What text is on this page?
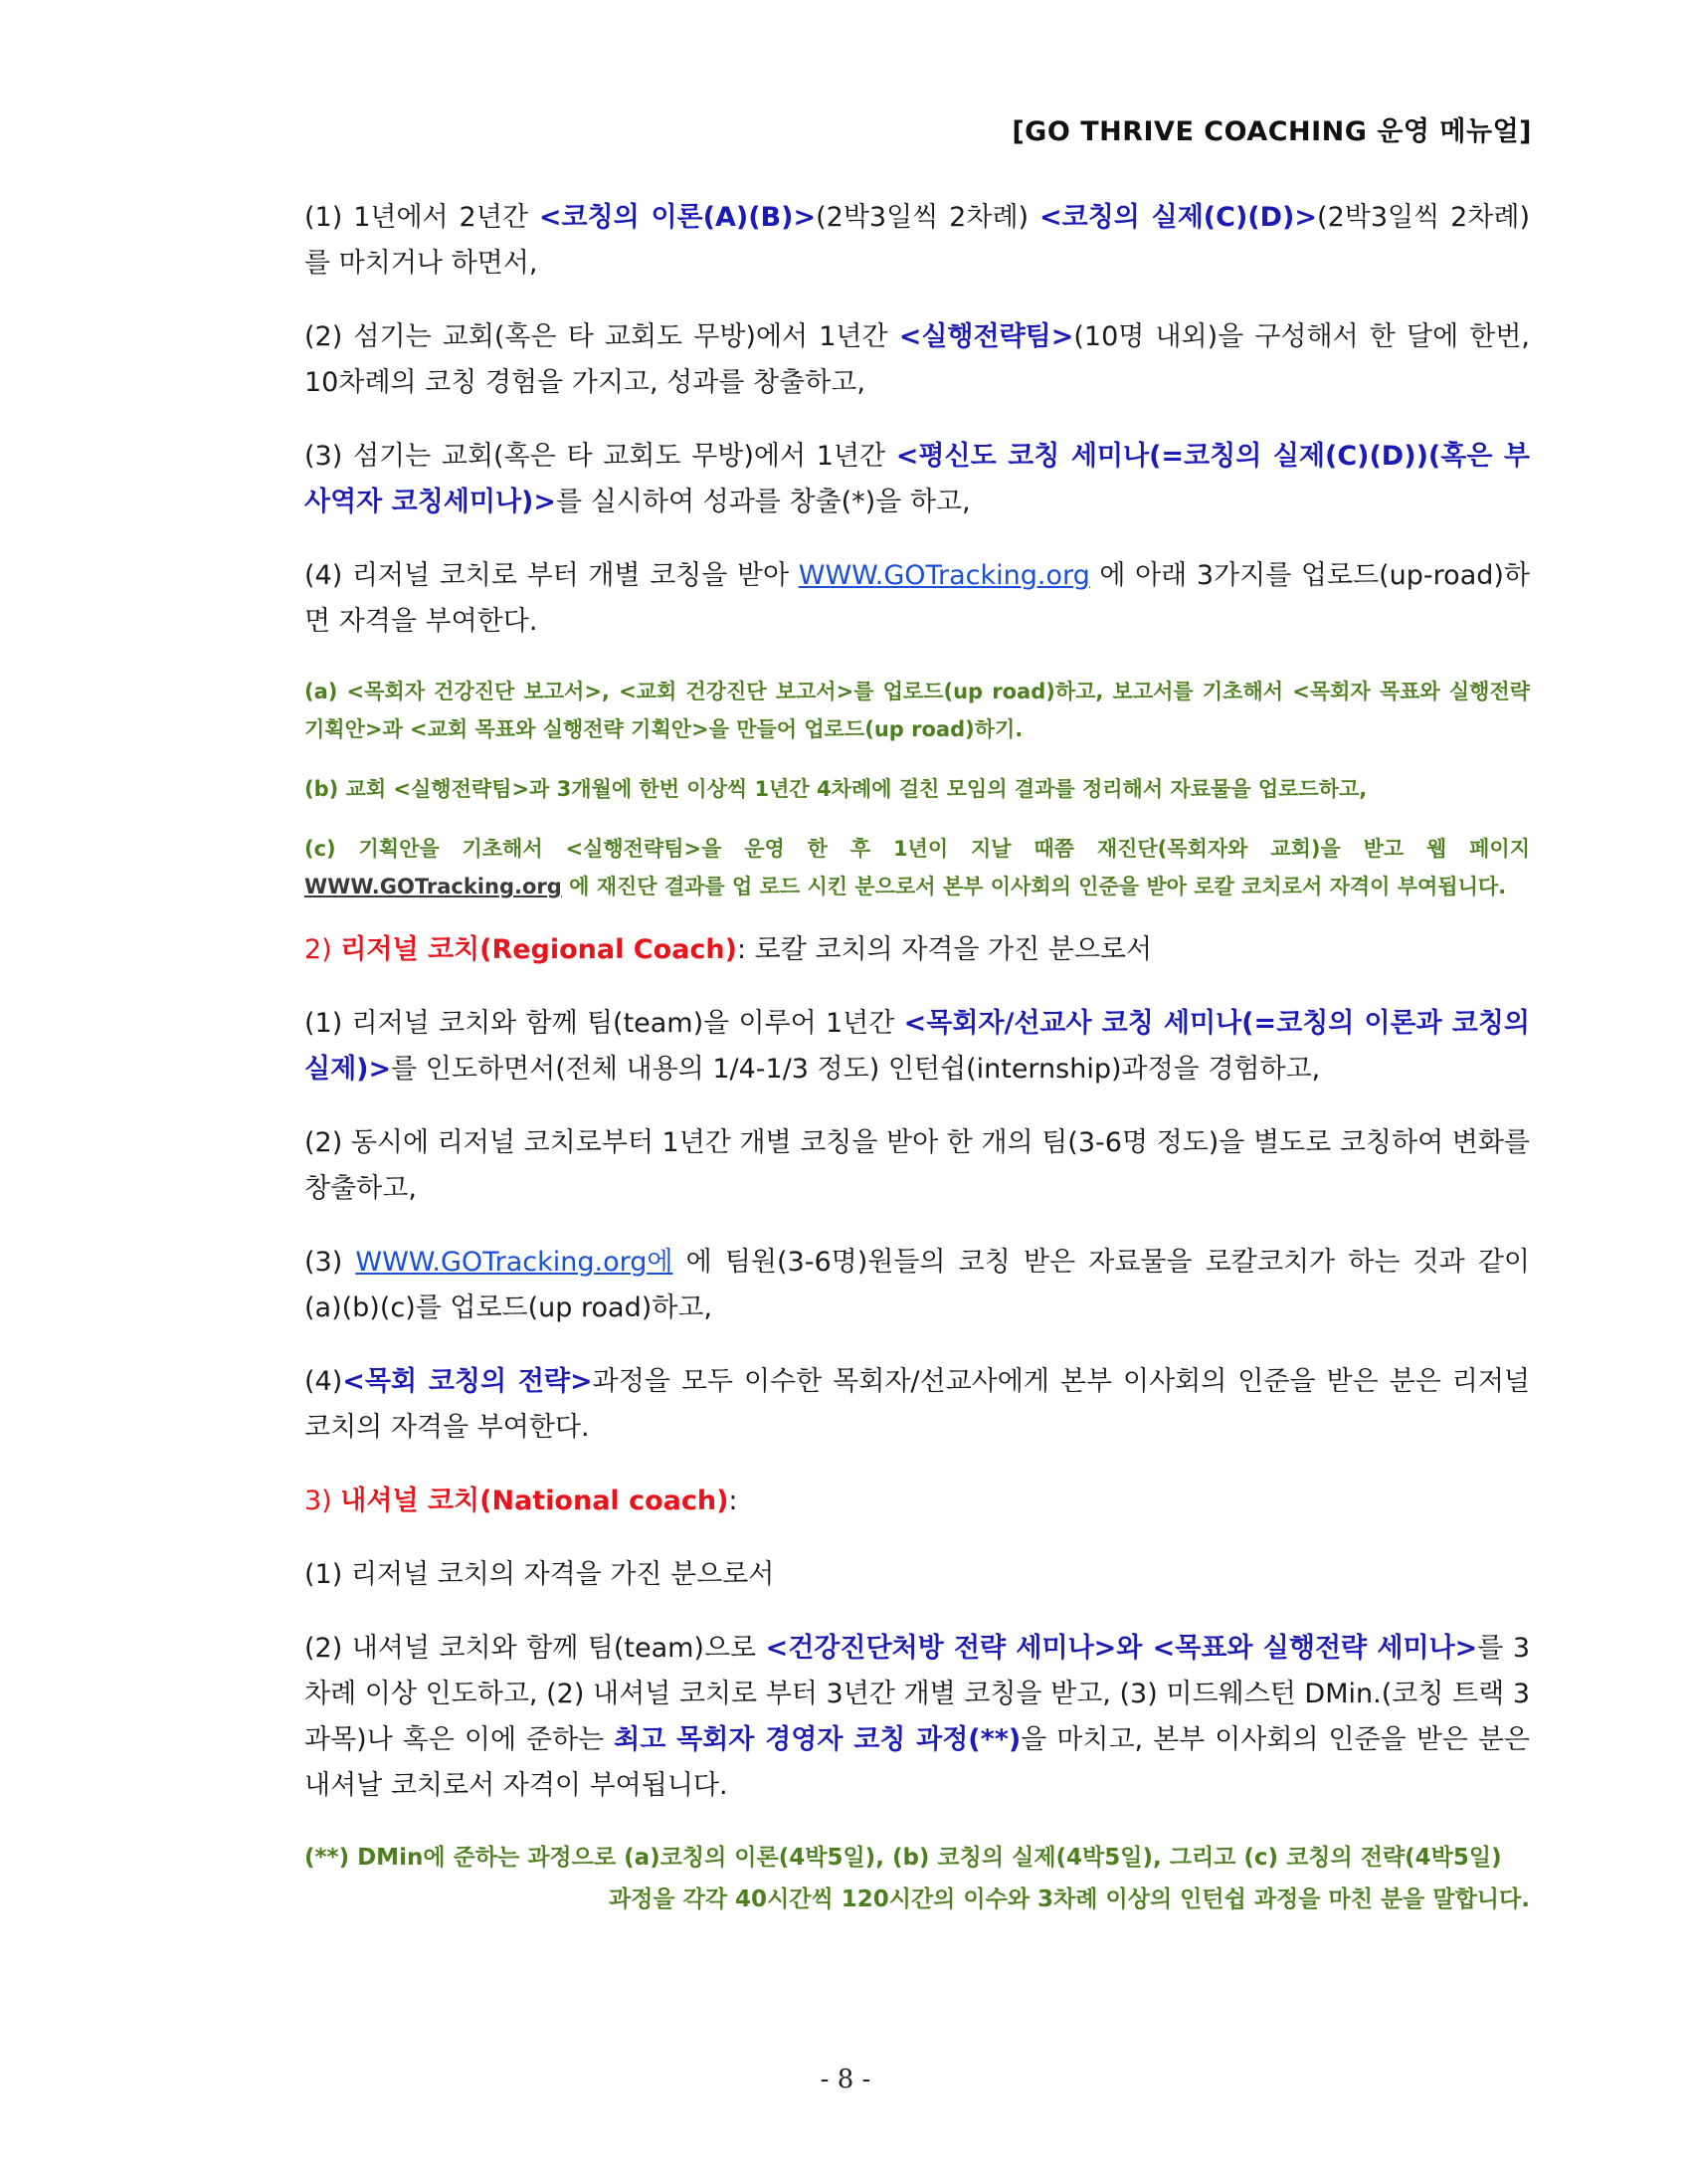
[GO THRIVE COACHING 운영 메뉴얼]

(1) 1년에서 2년간 <코칭의 이론(A)(B)>(2박3일씩 2차례) <코칭의 실제(C)(D)>(2박3일씩 2차례) 를 마치거나 하면서,

(2) 섬기는 교회(혹은 타 교회도 무방)에서 1년간 <실행전략팀>(10명 내외)을 구성해서 한 달에 한번, 10차례의 코칭 경험을 가지고, 성과를 창출하고,

(3) 섬기는 교회(혹은 타 교회도 무방)에서 1년간 <평신도 코칭 세미나(=코칭의 실제(C)(D))(혹은 부사역자 코칭세미나)>를 실시하여 성과를 창출(*)을 하고,

(4) 리저널 코치로 부터 개별 코칭을 받아 WWW.GOTracking.org 에 아래 3가지를 업로드(up-road)하면 자격을 부여한다.

(a) <목회자 건강진단 보고서>, <교회 건강진단 보고서>를 업로드(up road)하고, 보고서를 기초해서 <목회자 목표와 실행전략 기획안>과 <교회 목표와 실행전략 기획안>을 만들어 업로드(up road)하기.

(b) 교회 <실행전략팀>과 3개월에 한번 이상씩 1년간 4차례에 걸친 모임의 결과를 정리해서 자료물을 업로드하고,

(c) 기획안을 기초해서 <실행전략팀>을 운영 한 후 1년이 지날 때쯤 재진단(목회자와 교회)을 받고 웹 페이지 WWW.GOTracking.org 에 재진단 결과를 업 로드 시킨 분으로서 본부 이사회의 인준을 받아 로칼 코치로서 자격이 부여됩니다.

2) 리저널 코치(Regional Coach): 로칼 코치의 자격을 가진 분으로서

(1) 리저널 코치와 함께 팀(team)을 이루어 1년간 <목회자/선교사 코칭 세미나(=코칭의 이론과 코칭의 실제)>를 인도하면서(전체 내용의 1/4-1/3 정도) 인턴쉽(internship)과정을 경험하고,

(2) 동시에 리저널 코치로부터 1년간 개별 코칭을 받아 한 개의 팀(3-6명 정도)을 별도로 코칭하여 변화를 창출하고,

(3) WWW.GOTracking.org에 에 팀원(3-6명)원들의 코칭 받은 자료물을 로칼코치가 하는 것과 같이 (a)(b)(c)를 업로드(up road)하고,

(4)<목회 코칭의 전략>과정을 모두 이수한 목회자/선교사에게 본부 이사회의 인준을 받은 분은 리저널 코치의 자격을 부여한다.

3) 내셔널 코치(National coach):

(1) 리저널 코치의 자격을 가진 분으로서

(2) 내셔널 코치와 함께 팀(team)으로 <건강진단처방 전략 세미나>와 <목표와 실행전략 세미나>를 3차례 이상 인도하고, (2) 내셔널 코치로 부터 3년간 개별 코칭을 받고, (3) 미드웨스턴 DMin.(코칭 트랙 3과목)나 혹은 이에 준하는 최고 목회자 경영자 코칭 과정(**)을 마치고, 본부 이사회의 인준을 받은 분은 내셔날 코치로서 자격이 부여됩니다.

(**) DMin에 준하는 과정으로 (a)코칭의 이론(4박5일), (b) 코칭의 실제(4박5일), 그리고 (c) 코칭의 전략(4박5일)
과정을 각각 40시간씩 120시간의 이수와 3차례 이상의 인턴쉽 과정을 마친 분을 말합니다.
- 8 -
